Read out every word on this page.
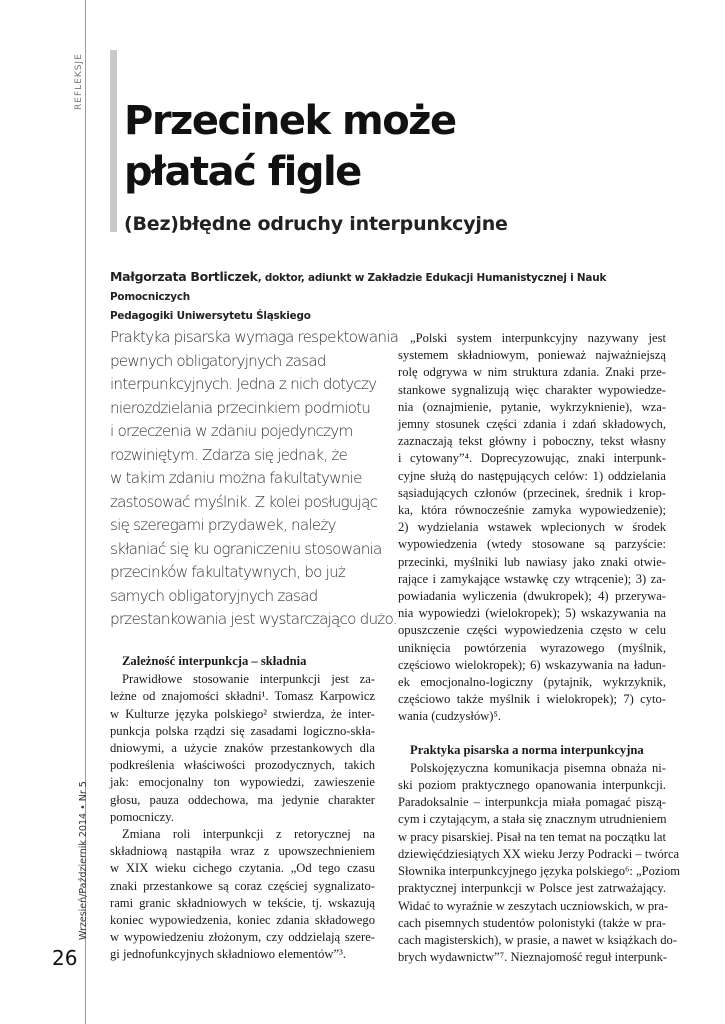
REFLEKSJE
Wrzesień/Październik 2014 • Nr 5
26
Przecinek może
płatać figle
(Bez)błędne odruchy interpunkcyjne
Małgorzata Bortliczek, doktor, adiunkt w Zakładzie Edukacji Humanistycznej i Nauk Pomocniczych
Pedagogiki Uniwersytetu Śląskiego
Praktyka pisarska wymaga respektowania
pewnych obligatoryjnych zasad
interpunkcyjnych. Jedna z nich dotyczy
nierozdzielania przecinkiem podmiotu
i orzeczenia w zdaniu pojedynczym
rozwiniętym. Zdarza się jednak, że
w takim zdaniu można fakultatywnie
zastosować myślnik. Z kolei posługując
się szeregami przydawek, należy
skłaniać się ku ograniczeniu stosowania
przecinków fakultatywnych, bo już
samych obligatoryjnych zasad
przestankowania jest wystarczająco dużo.
Zależność interpunkcja – składnia
Prawidłowe stosowanie interpunkcji jest za-
leżne od znajomości składni¹. Tomasz Karpowicz
w Kulturze języka polskiego² stwierdza, że inter-
punkcja polska rządzi się zasadami logiczno-skła-
dniowymi, a użycie znaków przestankowych dla
podkreślenia właściwości prozodycznych, takich
jak: emocjonalny ton wypowiedzi, zawieszenie
głosu, pauza oddechowa, ma jedynie charakter
pomocniczy.
Zmiana roli interpunkcji z retorycznej na
składniową nastąpiła wraz z upowszechnieniem
w XIX wieku cichego czytania. „Od tego czasu
znaki przestankowe są coraz częściej sygnalizato-
rami granic składniowych w tekście, tj. wskazują
koniec wypowiedzenia, koniec zdania składowego
w wypowiedzeniu złożonym, czy oddzielają szere-
gi jednofunkcyjnych składniowo elementów”³.
„Polski system interpunkcyjny nazywany jest
systemem składniowym, ponieważ najważniejszą
rolę odgrywa w nim struktura zdania. Znaki prze-
stankowe sygnalizują więc charakter wypowiedze-
nia (oznajmienie, pytanie, wykrzyknienie), wza-
jemny stosunek części zdania i zdań składowych,
zaznaczają tekst główny i poboczny, tekst własny
i cytowany”⁴. Doprecyzowując, znaki interpunk-
cyjne służą do następujących celów: 1) oddzielania
sąsiadujących członów (przecinek, średnik i krop-
ka, która równocześnie zamyka wypowiedzenie);
2) wydzielania wstawek wplecionych w środek
wypowiedzenia (wtedy stosowane są parzyście:
przecinki, myślniki lub nawiasy jako znaki otwie-
rające i zamykające wstawkę czy wtrącenie); 3) za-
powiadania wyliczenia (dwukropek); 4) przerywa-
nia wypowiedzi (wielokropek); 5) wskazywania na
opuszczenie części wypowiedzenia często w celu
uniknięcia powtórzenia wyrazowego (myślnik,
częściowo wielokropek); 6) wskazywania na ładun-
ek emocjonalno-logiczny (pytajnik, wykrzyknik,
częściowo także myślnik i wielokropek); 7) cyto-
wania (cudzysłów)⁵.
Praktyka pisarska a norma interpunkcyjna
Polskojęzyczna komunikacja pisemna obnaża ni-
ski poziom praktycznego opanowania interpunkcji.
Paradoksalnie – interpunkcja miała pomagać piszą-
cym i czytającym, a stała się znacznym utrudnieniem
w pracy pisarskiej. Pisał na ten temat na początku lat
dziewięćdziesiątych XX wieku Jerzy Podracki – twórca
Słownika interpunkcyjnego języka polskiego⁶: „Poziom
praktycznej interpunkcji w Polsce jest zatrważający.
Widać to wyraźnie w zeszytach uczniowskich, w pra-
cach pisemnych studentów polonistyki (także w pra-
cach magisterskich), w prasie, a nawet w książkach do-
brych wydawnictw”⁷. Nieznajomość reguł interpunk-
